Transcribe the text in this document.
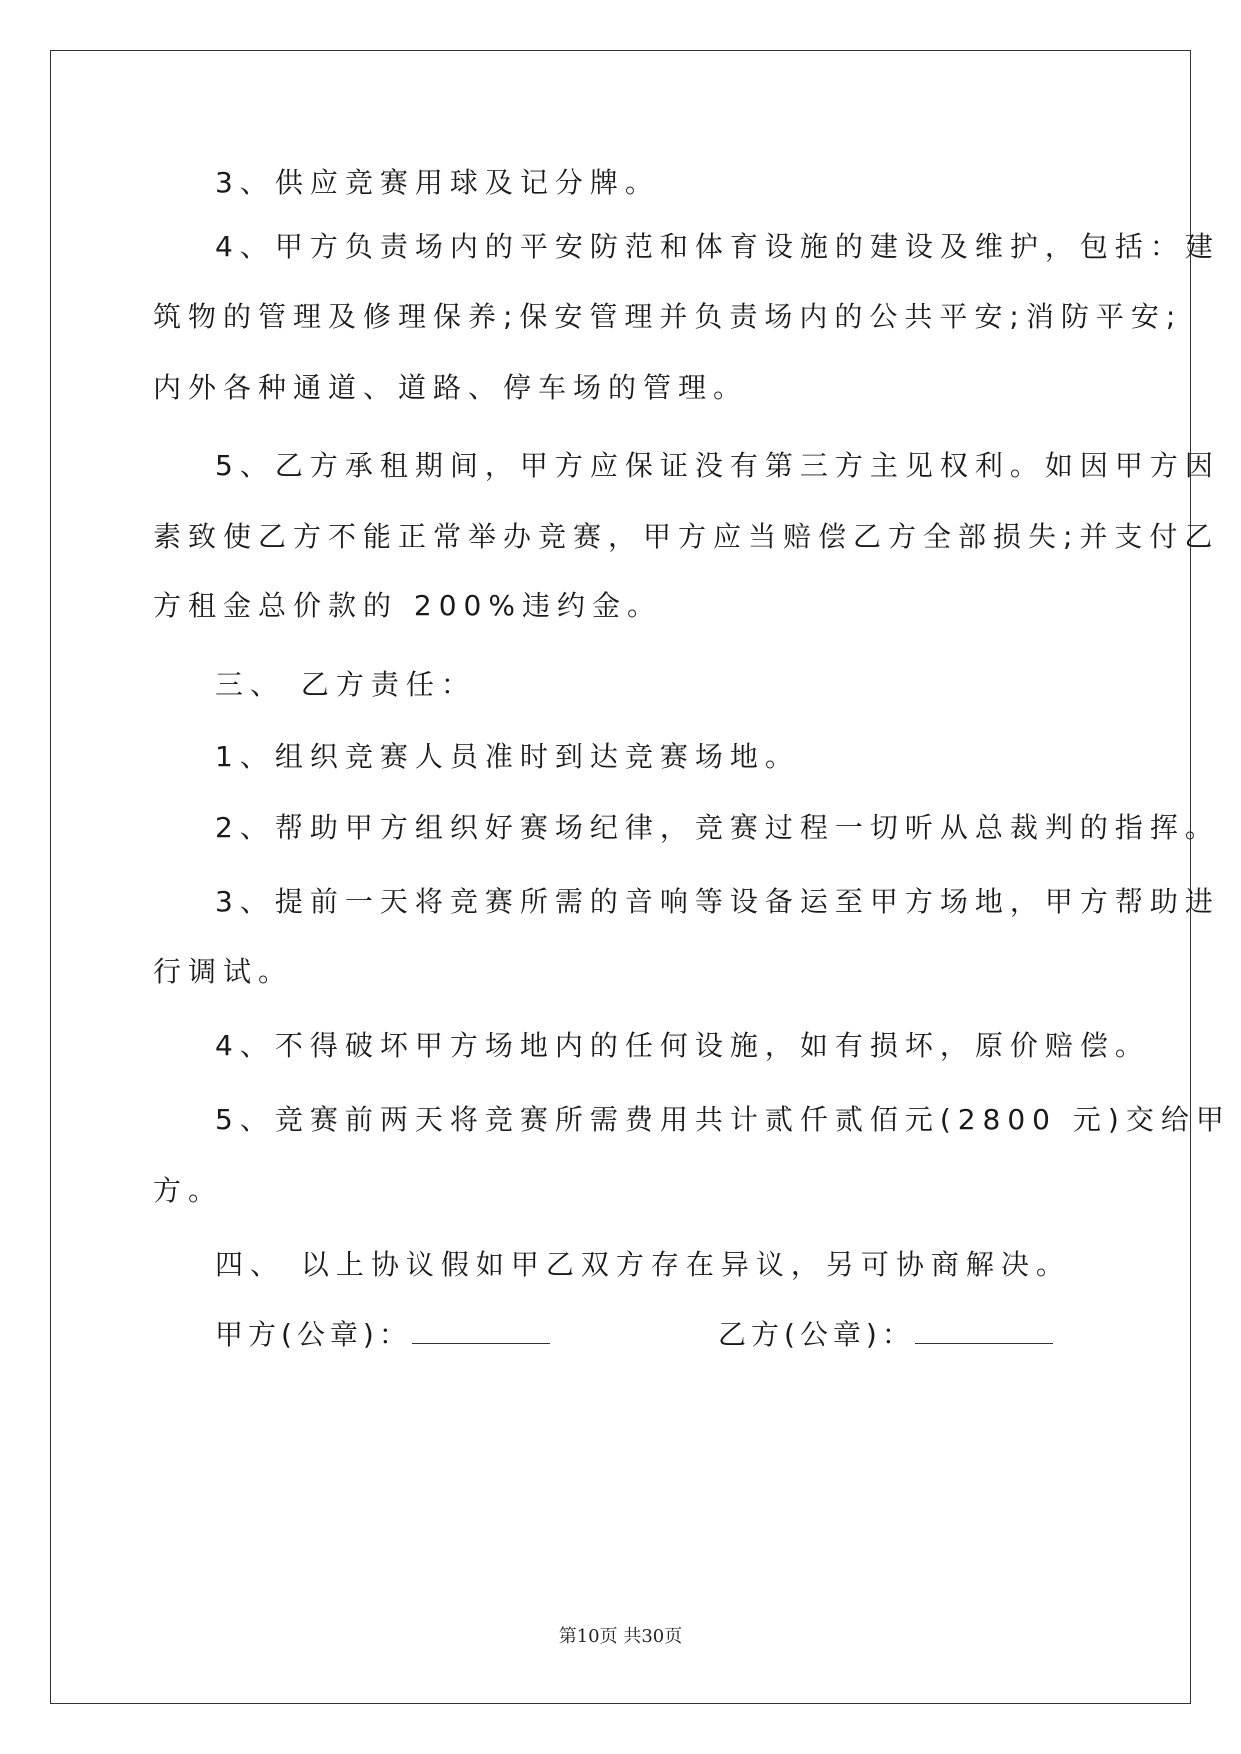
3、供应竞赛用球及记分牌。
4、甲方负责场内的平安防范和体育设施的建设及维护，包括：建
筑物的管理及修理保养;保安管理并负责场内的公共平安;消防平安;
内外各种通道、道路、停车场的管理。
5、乙方承租期间，甲方应保证没有第三方主见权利。如因甲方因
素致使乙方不能正常举办竞赛，甲方应当赔偿乙方全部损失;并支付乙
方租金总价款的 200%违约金。
三、 乙方责任：
1、组织竞赛人员准时到达竞赛场地。
2、帮助甲方组织好赛场纪律，竞赛过程一切听从总裁判的指挥。
3、提前一天将竞赛所需的音响等设备运至甲方场地，甲方帮助进
行调试。
4、不得破坏甲方场地内的任何设施，如有损坏，原价赔偿。
5、竞赛前两天将竞赛所需费用共计贰仟贰佰元(2800 元)交给甲
方。
四、 以上协议假如甲乙双方存在异议，另可协商解决。
甲方(公章)：	乙方(公章)：
第10页 共30页
